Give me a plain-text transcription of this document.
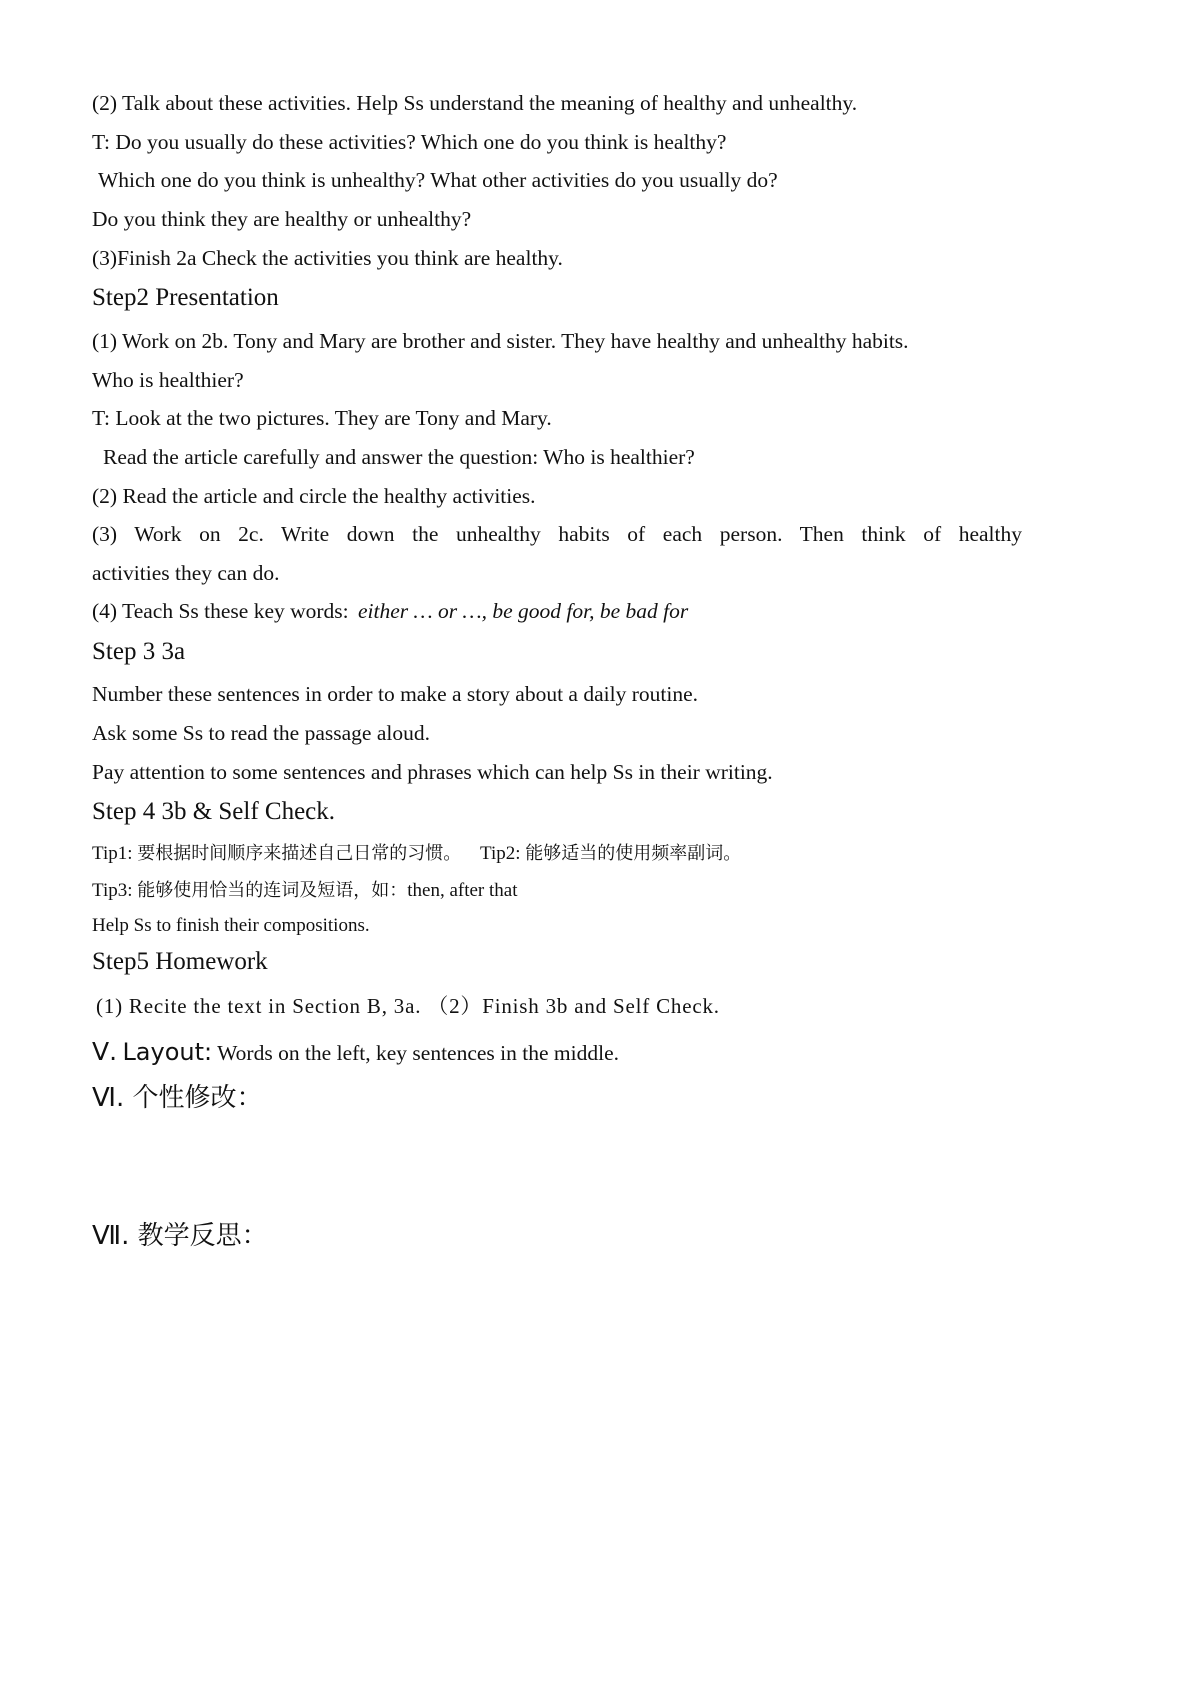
(2) Talk about these activities. Help Ss understand the meaning of healthy and unhealthy.
T: Do you usually do these activities? Which one do you think is healthy?
Which one do you think is unhealthy? What other activities do you usually do?
Do you think they are healthy or unhealthy?
(3)Finish 2a Check the activities you think are healthy.
Step2 Presentation
(1) Work on 2b. Tony and Mary are brother and sister. They have healthy and unhealthy habits.
Who is healthier?
T: Look at the two pictures. They are Tony and Mary.
Read the article carefully and answer the question: Who is healthier?
(2) Read the article and circle the healthy activities.
(3) Work on 2c. Write down the unhealthy habits of each person. Then think of healthy
activities they can do.
(4) Teach Ss these key words: either … or …, be good for, be bad for
Step 3 3a
Number these sentences in order to make a story about a daily routine.
Ask some Ss to read the passage aloud.
Pay attention to some sentences and phrases which can help Ss in their writing.
Step 4 3b & Self Check.
Tip1: 要根据时间顺序来描述自己日常的习惯。 Tip2: 能够适当的使用频率副词。
Tip3: 能够使用恰当的连词及短语，如：then, after that
Help Ss to finish their compositions.
Step5 Homework
(1) Recite the text in Section B, 3a. （2）Finish 3b and Self Check.
Ⅴ. Layout: Words on the left, key sentences in the middle.
Ⅵ. 个性修改：
Ⅶ. 教学反思：
